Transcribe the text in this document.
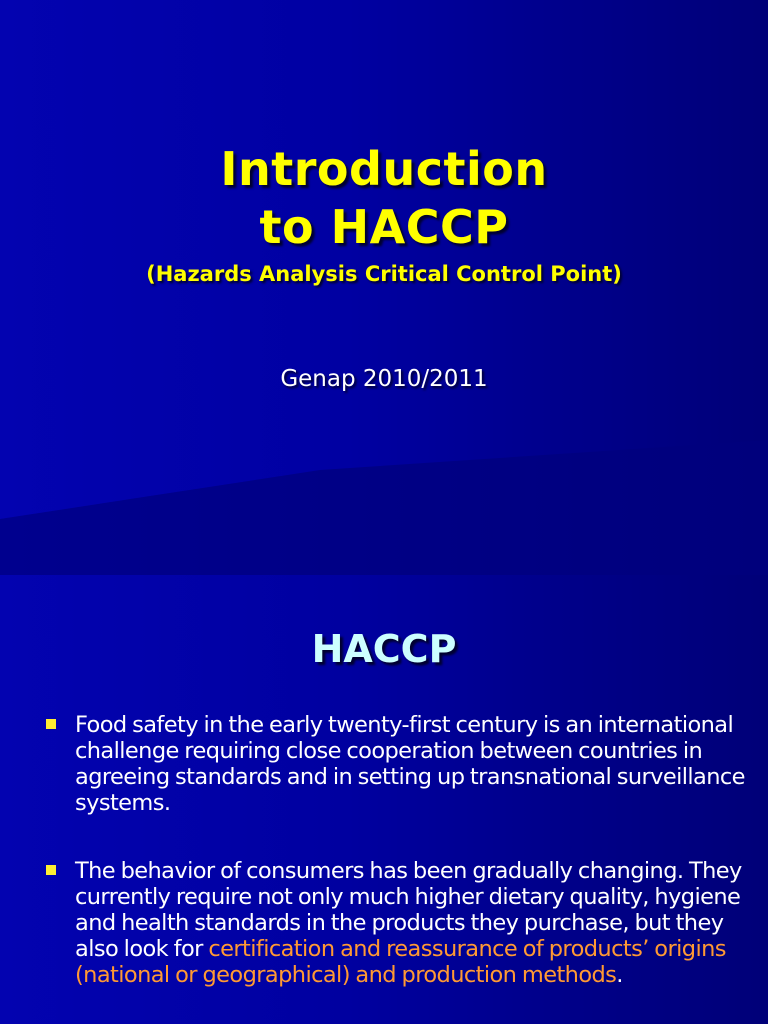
Introduction
to HACCP
(Hazards Analysis Critical Control Point)
Genap 2010/2011
HACCP
Food safety in the early twenty-first century is an international challenge requiring close cooperation between countries in agreeing standards and in setting up transnational surveillance systems.
The behavior of consumers has been gradually changing. They currently require not only much higher dietary quality, hygiene and health standards in the products they purchase, but they also look for certification and reassurance of products’ origins (national or geographical) and production methods.
